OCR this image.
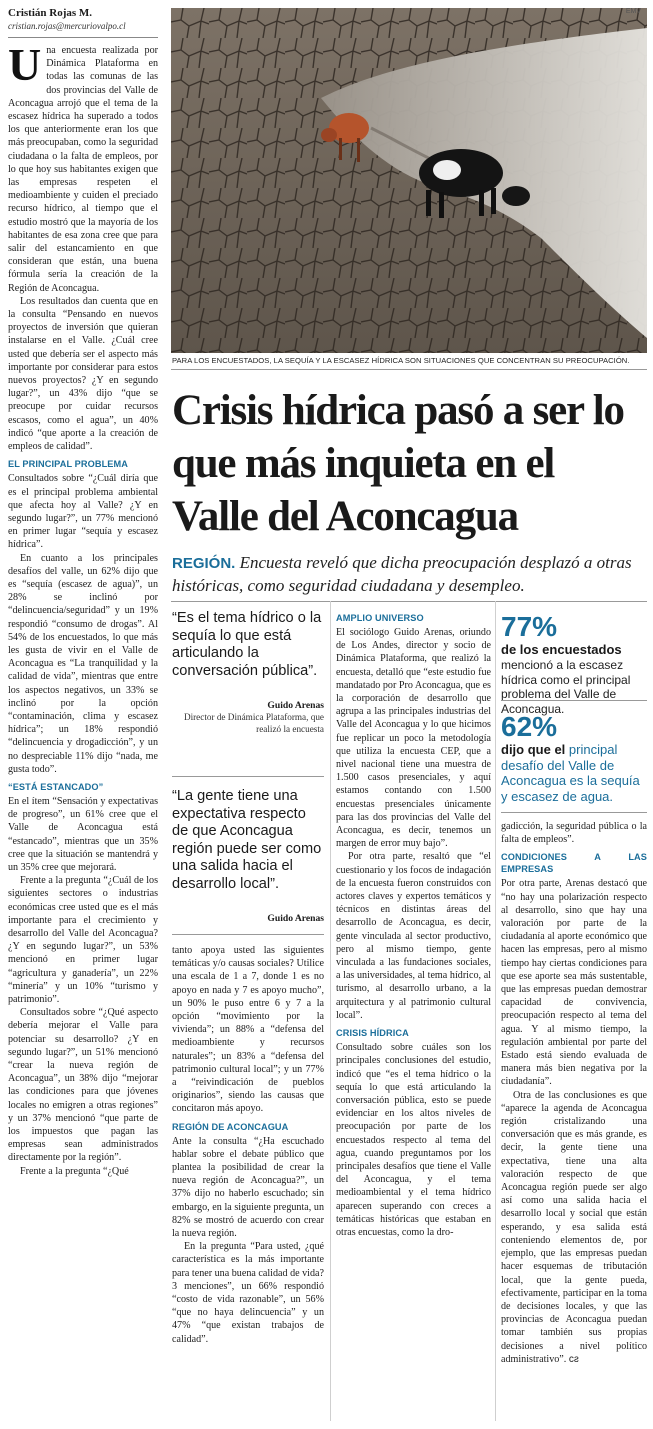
Cristián Rojas M.
cristian.rojas@mercuriovalpo.cl

Una encuesta realizada por Dinámica Plataforma en todas las comunas de las dos provincias del Valle de Aconcagua arrojó que el tema de la escasez hídrica ha superado a todos los que anteriormente eran los que más preocupaban, como la seguridad ciudadana o la falta de empleos, por lo que hoy sus habitantes exigen que las empresas respeten el medioambiente y cuiden el preciado recurso hídrico, al tiempo que el estudio mostró que la mayoría de los habitantes de esa zona cree que para salir del estancamiento en que consideran que están, una buena fórmula sería la creación de la Región de Aconcagua.

Los resultados dan cuenta que en la consulta “Pensando en nuevos proyectos de inversión que quieran instalarse en el Valle. ¿Cuál cree usted que debería ser el aspecto más importante por considerar para estos nuevos proyectos? ¿Y en segundo lugar?”, un 43% dijo “que se preocupe por cuidar recursos escasos, como el agua”, un 40% indicó “que aporte a la creación de empleos de calidad”.

EL PRINCIPAL PROBLEMA

Consultados sobre “¿Cuál diría que es el principal problema ambiental que afecta hoy al Valle? ¿Y en segundo lugar?”, un 77% mencionó en primer lugar “sequía y escasez hídrica”.

En cuanto a los principales desafíos del valle, un 62% dijo que es “sequía (escasez de agua)”, un 28% se inclinó por “delincuencia/seguridad” y un 19% respondió “consumo de drogas”. Al 54% de los encuestados, lo que más les gusta de vivir en el Valle de Aconcagua es “La tranquilidad y la calidad de vida”, mientras que entre los aspectos negativos, un 33% se inclinó por la opción “contaminación, clima y escasez hídrica”; un 18% respondió “delincuencia y drogadicción”, y un no despreciable 11% dijo “nada, me gusta todo”.

“ESTÁ ESTANCADO”

En el ítem “Sensación y expectativas de progreso”, un 61% cree que el Valle de Aconcagua está “estancado”, mientras que un 35% cree que la situación se mantendrá y un 35% cree que mejorará.

Frente a la pregunta “¿Cuál de los siguientes sectores o industrias económicas cree usted que es el más importante para el crecimiento y desarrollo del Valle del Aconcagua? ¿Y en segundo lugar?”, un 53% mencionó en primer lugar “agricultura y ganadería”, un 22% “minería” y un 10% “turismo y patrimonio”.

Consultados sobre “¿Qué aspecto debería mejorar el Valle para potenciar su desarrollo? ¿Y en segundo lugar?”, un 51% mencionó “crear la nueva región de Aconcagua”, un 38% dijo “mejorar las condiciones para que jóvenes locales no emigren a otras regiones” y un 37% mencionó “que parte de los impuestos que pagan las empresas sean administrados directamente por la región”.

Frente a la pregunta “¿Qué

EMV
PARA LOS ENCUESTADOS, LA SEQUÍA Y LA ESCASEZ HÍDRICA SON SITUACIONES QUE CONCENTRAN SU PREOCUPACIÓN.
Crisis hídrica pasó a ser lo que más inquieta en el Valle del Aconcagua
REGIÓN. Encuesta reveló que dicha preocupación desplazó a otras históricas, como seguridad ciudadana y desempleo.
“Es el tema hídrico o la sequía lo que está articulando la conversación pública”.
Guido Arenas
Director de Dinámica Plataforma, que realizó la encuesta
“La gente tiene una expectativa respecto de que Aconcagua región puede ser como una salida hacia el desarrollo local”.
Guido Arenas

tanto apoya usted las siguientes temáticas y/o causas sociales? Utilice una escala de 1 a 7, donde 1 es no apoyo en nada y 7 es apoyo mucho”, un 90% le puso entre 6 y 7 a la opción “movimiento por la vivienda”; un 88% a “defensa del medioambiente y recursos naturales”; un 83% a “defensa del patrimonio cultural local”; y un 77% a “reivindicación de pueblos originarios”, siendo las causas que concitaron más apoyo.

REGIÓN DE ACONCAGUA

Ante la consulta “¿Ha escuchado hablar sobre el debate público que plantea la posibilidad de crear la nueva región de Aconcagua?”, un 37% dijo no haberlo escuchado; sin embargo, en la siguiente pregunta, un 82% se mostró de acuerdo con crear la nueva región.

En la pregunta “Para usted, ¿qué característica es la más importante para tener una buena calidad de vida? 3 menciones”, un 66% respondió “costo de vida razonable”, un 56% “que no haya delincuencia” y un 47% “que existan trabajos de calidad”.

AMPLIO UNIVERSO

El sociólogo Guido Arenas, oriundo de Los Andes, director y socio de Dinámica Plataforma, que realizó la encuesta, detalló que “este estudio fue mandatado por Pro Aconcagua, que es la corporación de desarrollo que agrupa a las principales industrias del Valle del Aconcagua y lo que hicimos fue replicar un poco la metodología que utiliza la encuesta CEP, que a nivel nacional tiene una muestra de 1.500 casos presenciales, y aquí estamos contando con 1.500 encuestas presenciales únicamente para las dos provincias del Valle del Aconcagua, es decir, tenemos un margen de error muy bajo”.

Por otra parte, resaltó que “el cuestionario y los focos de indagación de la encuesta fueron construidos con actores claves y expertos temáticos y técnicos en distintas áreas del desarrollo de Aconcagua, es decir, gente vinculada al sector productivo, pero al mismo tiempo, gente vinculada a las fundaciones sociales, a las universidades, al tema hídrico, al turismo, al desarrollo urbano, a la arquitectura y al patrimonio cultural local”.

CRISIS HÍDRICA

Consultado sobre cuáles son los principales conclusiones del estudio, indicó que “es el tema hídrico o la sequía lo que está articulando la conversación pública, esto se puede evidenciar en los altos niveles de preocupación por parte de los encuestados respecto al tema del agua, cuando preguntamos por los principales desafíos que tiene el Valle del Aconcagua, y el tema medioambiental y el tema hídrico aparecen superando con creces a temáticas históricas que estaban en otras encuestas, como la dro-

77%
de los encuestados
mencionó a la escasez hídrica como el principal problema del Valle de Aconcagua.
62%
dijo que el principal desafío del Valle de Aconcagua es la sequía y escasez de agua.

gadicción, la seguridad pública o la falta de empleos”.

CONDICIONES A LAS EMPRESAS

Por otra parte, Arenas destacó que “no hay una polarización respecto al desarrollo, sino que hay una valoración por parte de la ciudadanía al aporte económico que hacen las empresas, pero al mismo tiempo hay ciertas condiciones para que ese aporte sea más sustentable, que las empresas puedan demostrar capacidad de convivencia, preocupación respecto al tema del agua. Y al mismo tiempo, la regulación ambiental por parte del Estado está siendo evaluada de manera más bien negativa por la ciudadanía”.

Otra de las conclusiones es que “aparece la agenda de Aconcagua región cristalizando una conversación que es más grande, es decir, la gente tiene una expectativa, tiene una alta valoración respecto de que Aconcagua región puede ser algo así como una salida hacia el desarrollo local y social que están esperando, y esa salida está conteniendo elementos de, por ejemplo, que las empresas puedan hacer esquemas de tributación local, que la gente pueda, efectivamente, participar en la toma de decisiones locales, y que las provincias de Aconcagua puedan tomar también sus propias decisiones a nivel político administrativo”. ᴄƨ
